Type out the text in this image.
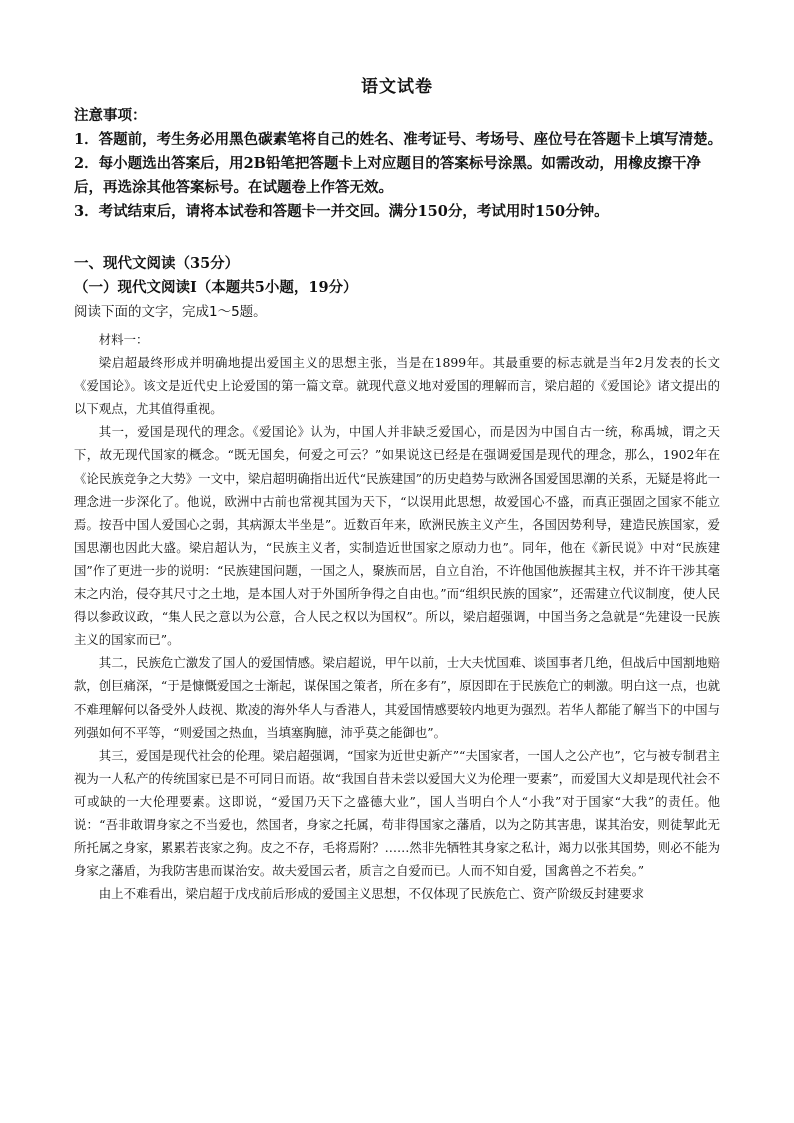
语文试卷
注意事项：
1．答题前，考生务必用黑色碳素笔将自己的姓名、准考证号、考场号、座位号在答题卡上填写清楚。
2．每小题选出答案后，用2B铅笔把答题卡上对应题目的答案标号涂黑。如需改动，用橡皮擦干净后，再选涂其他答案标号。在试题卷上作答无效。
3．考试结束后，请将本试卷和答题卡一并交回。满分150分，考试用时150分钟。
一、现代文阅读（35分）
（一）现代文阅读Ⅰ（本题共5小题，19分）
阅读下面的文字，完成1～5题。

材料一：

梁启超最终形成并明确地提出爱国主义的思想主张，当是在1899年。其最重要的标志就是当年2月发表的长文《爱国论》。该文是近代史上论爱国的第一篇文章。就现代意义地对爱国的理解而言，梁启超的《爱国论》诸文提出的以下观点，尤其值得重视。

其一，爱国是现代的理念。《爱国论》认为，中国人并非缺乏爱国心，而是因为中国自古一统，称禹城，谓之天下，故无现代国家的概念。“既无国矣，何爱之可云？”如果说这已经是在强调爱国是现代的理念，那么，1902年在《论民族竞争之大势》一文中，梁启超明确指出近代“民族建国”的历史趋势与欧洲各国爱国思潮的关系，无疑是将此一理念进一步深化了。他说，欧洲中古前也常视其国为天下，“以误用此思想，故爱国心不盛，而真正强固之国家不能立焉。按吾中国人爱国心之弱，其病源太半坐是”。近数百年来，欧洲民族主义产生，各国因势利导，建造民族国家，爱国思潮也因此大盛。梁启超认为，“民族主义者，实制造近世国家之原动力也”。同年，他在《新民说》中对“民族建国”作了更进一步的说明：“民族建国问题，一国之人，聚族而居，自立自治，不许他国他族握其主权，并不许干涉其毫末之内治，侵夺其尺寸之土地，是本国人对于外国所争得之自由也。”而“组织民族的国家”，还需建立代议制度，使人民得以参政议政，“集人民之意以为公意，合人民之权以为国权”。所以，梁启超强调，中国当务之急就是“先建设一民族主义的国家而已”。

其二，民族危亡激发了国人的爱国情感。梁启超说，甲午以前，士大夫忧国难、谈国事者几绝，但战后中国割地赔款，创巨痛深，“于是慷慨爱国之士渐起，谋保国之策者，所在多有”，原因即在于民族危亡的刺激。明白这一点，也就不难理解何以备受外人歧视、欺凌的海外华人与香港人，其爱国情感要较内地更为强烈。若华人都能了解当下的中国与列强如何不平等，“则爱国之热血，当填塞胸臆，沛乎莫之能御也”。

其三，爱国是现代社会的伦理。梁启超强调，“国家为近世史新产”“夫国家者，一国人之公产也”，它与被专制君主视为一人私产的传统国家已是不可同日而语。故“我国自昔未尝以爱国大义为伦理一要素”，而爱国大义却是现代社会不可或缺的一大伦理要素。这即说，“爱国乃天下之盛德大业”，国人当明白个人“小我”对于国家“大我”的责任。他说：“吾非敢谓身家之不当爱也，然国者，身家之托属，苟非得国家之藩盾，以为之防其害患，谋其治安，则徒挈此无所托属之身家，累累若丧家之狗。皮之不存，毛将焉附？……然非先牺牲其身家之私计，竭力以张其国势，则必不能为身家之藩盾，为我防害患而谋治安。故夫爱国云者，质言之自爱而已。人而不知自爱，国禽兽之不若矣。”

由上不难看出，梁启超于戊戌前后形成的爱国主义思想，不仅体现了民族危亡、资产阶级反封建要求
